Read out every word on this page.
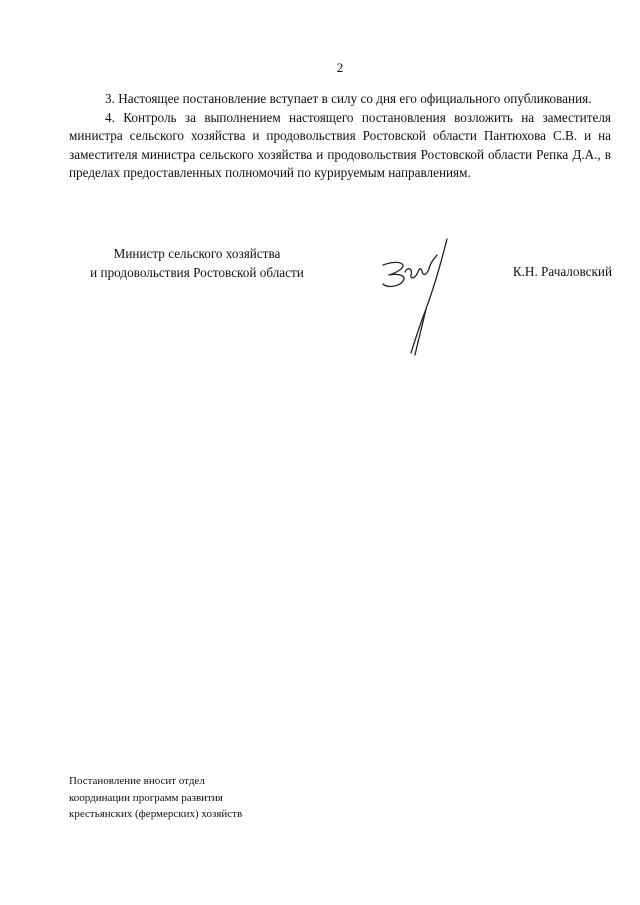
2

3. Настоящее постановление вступает в силу со дня его официального опубликования.

4. Контроль за выполнением настоящего постановления возложить на заместителя министра сельского хозяйства и продовольствия Ростовской области Пантюхова С.В. и на заместителя министра сельского хозяйства и продовольствия Ростовской области Репка Д.А., в пределах предоставленных полномочий по курируемым направлениям.

Министр сельского хозяйства
и продовольствия Ростовской области	К.Н. Рачаловский
Постановление вносит отдел
координации программ развития
крестьянских (фермерских) хозяйств
